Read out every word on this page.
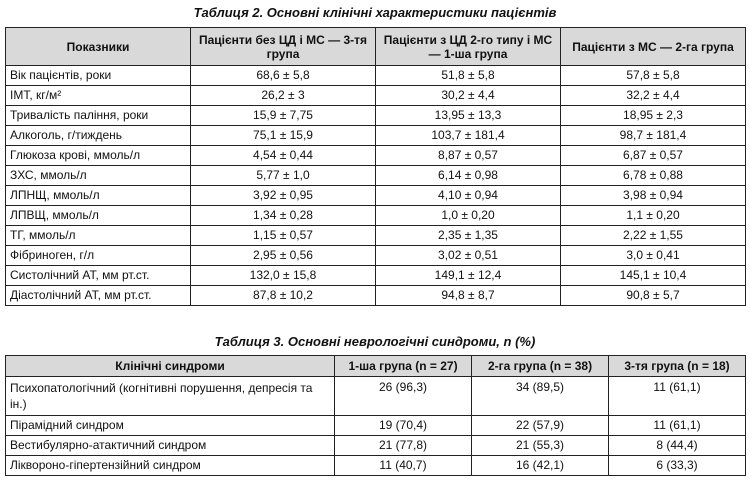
Таблиця 2. Основні клінічні характеристики пацієнтів

Показники	Пацієнти без ЦД і МС — 3-тя група	Пацієнти з ЦД 2-го типу і МС — 1-ша група	Пацієнти з МС — 2-га група
Вік пацієнтів, роки	68,6 ± 5,8	51,8 ± 5,8	57,8 ± 5,8
ІМТ, кг/м²	26,2 ± 3	30,2 ± 4,4	32,2 ± 4,4
Тривалість паління, роки	15,9 ± 7,75	13,95 ± 13,3	18,95 ± 2,3
Алкоголь, г/тиждень	75,1 ± 15,9	103,7 ± 181,4	98,7 ± 181,4
Глюкоза крові, ммоль/л	4,54 ± 0,44	8,87 ± 0,57	6,87 ± 0,57
ЗХС, ммоль/л	5,77 ± 1,0	6,14 ± 0,98	6,78 ± 0,88
ЛПНЩ, ммоль/л	3,92 ± 0,95	4,10 ± 0,94	3,98 ± 0,94
ЛПВЩ, ммоль/л	1,34 ± 0,28	1,0 ± 0,20	1,1 ± 0,20
ТГ, ммоль/л	1,15 ± 0,57	2,35 ± 1,35	2,22 ± 1,55
Фібриноген, г/л	2,95 ± 0,56	3,02 ± 0,51	3,0 ± 0,41
Систолічний АТ, мм рт.ст.	132,0 ± 15,8	149,1 ± 12,4	145,1 ± 10,4
Діастолічний АТ, мм рт.ст.	87,8 ± 10,2	94,8 ± 8,7	90,8 ± 5,7

Таблиця 3. Основні неврологічні синдроми, n (%)

Клінічні синдроми	1-ша група (n = 27)	2-га група (n = 38)	3-тя група (n = 18)
Психопатологічний (когнітивні порушення, депресія та ін.)	26 (96,3)	34 (89,5)	11 (61,1)
Пірамідний синдром	19 (70,4)	22 (57,9)	11 (61,1)
Вестибулярно-атактичний синдром	21 (77,8)	21 (55,3)	8 (44,4)
Ліквороно-гіпертензійний синдром	11 (40,7)	16 (42,1)	6 (33,3)
